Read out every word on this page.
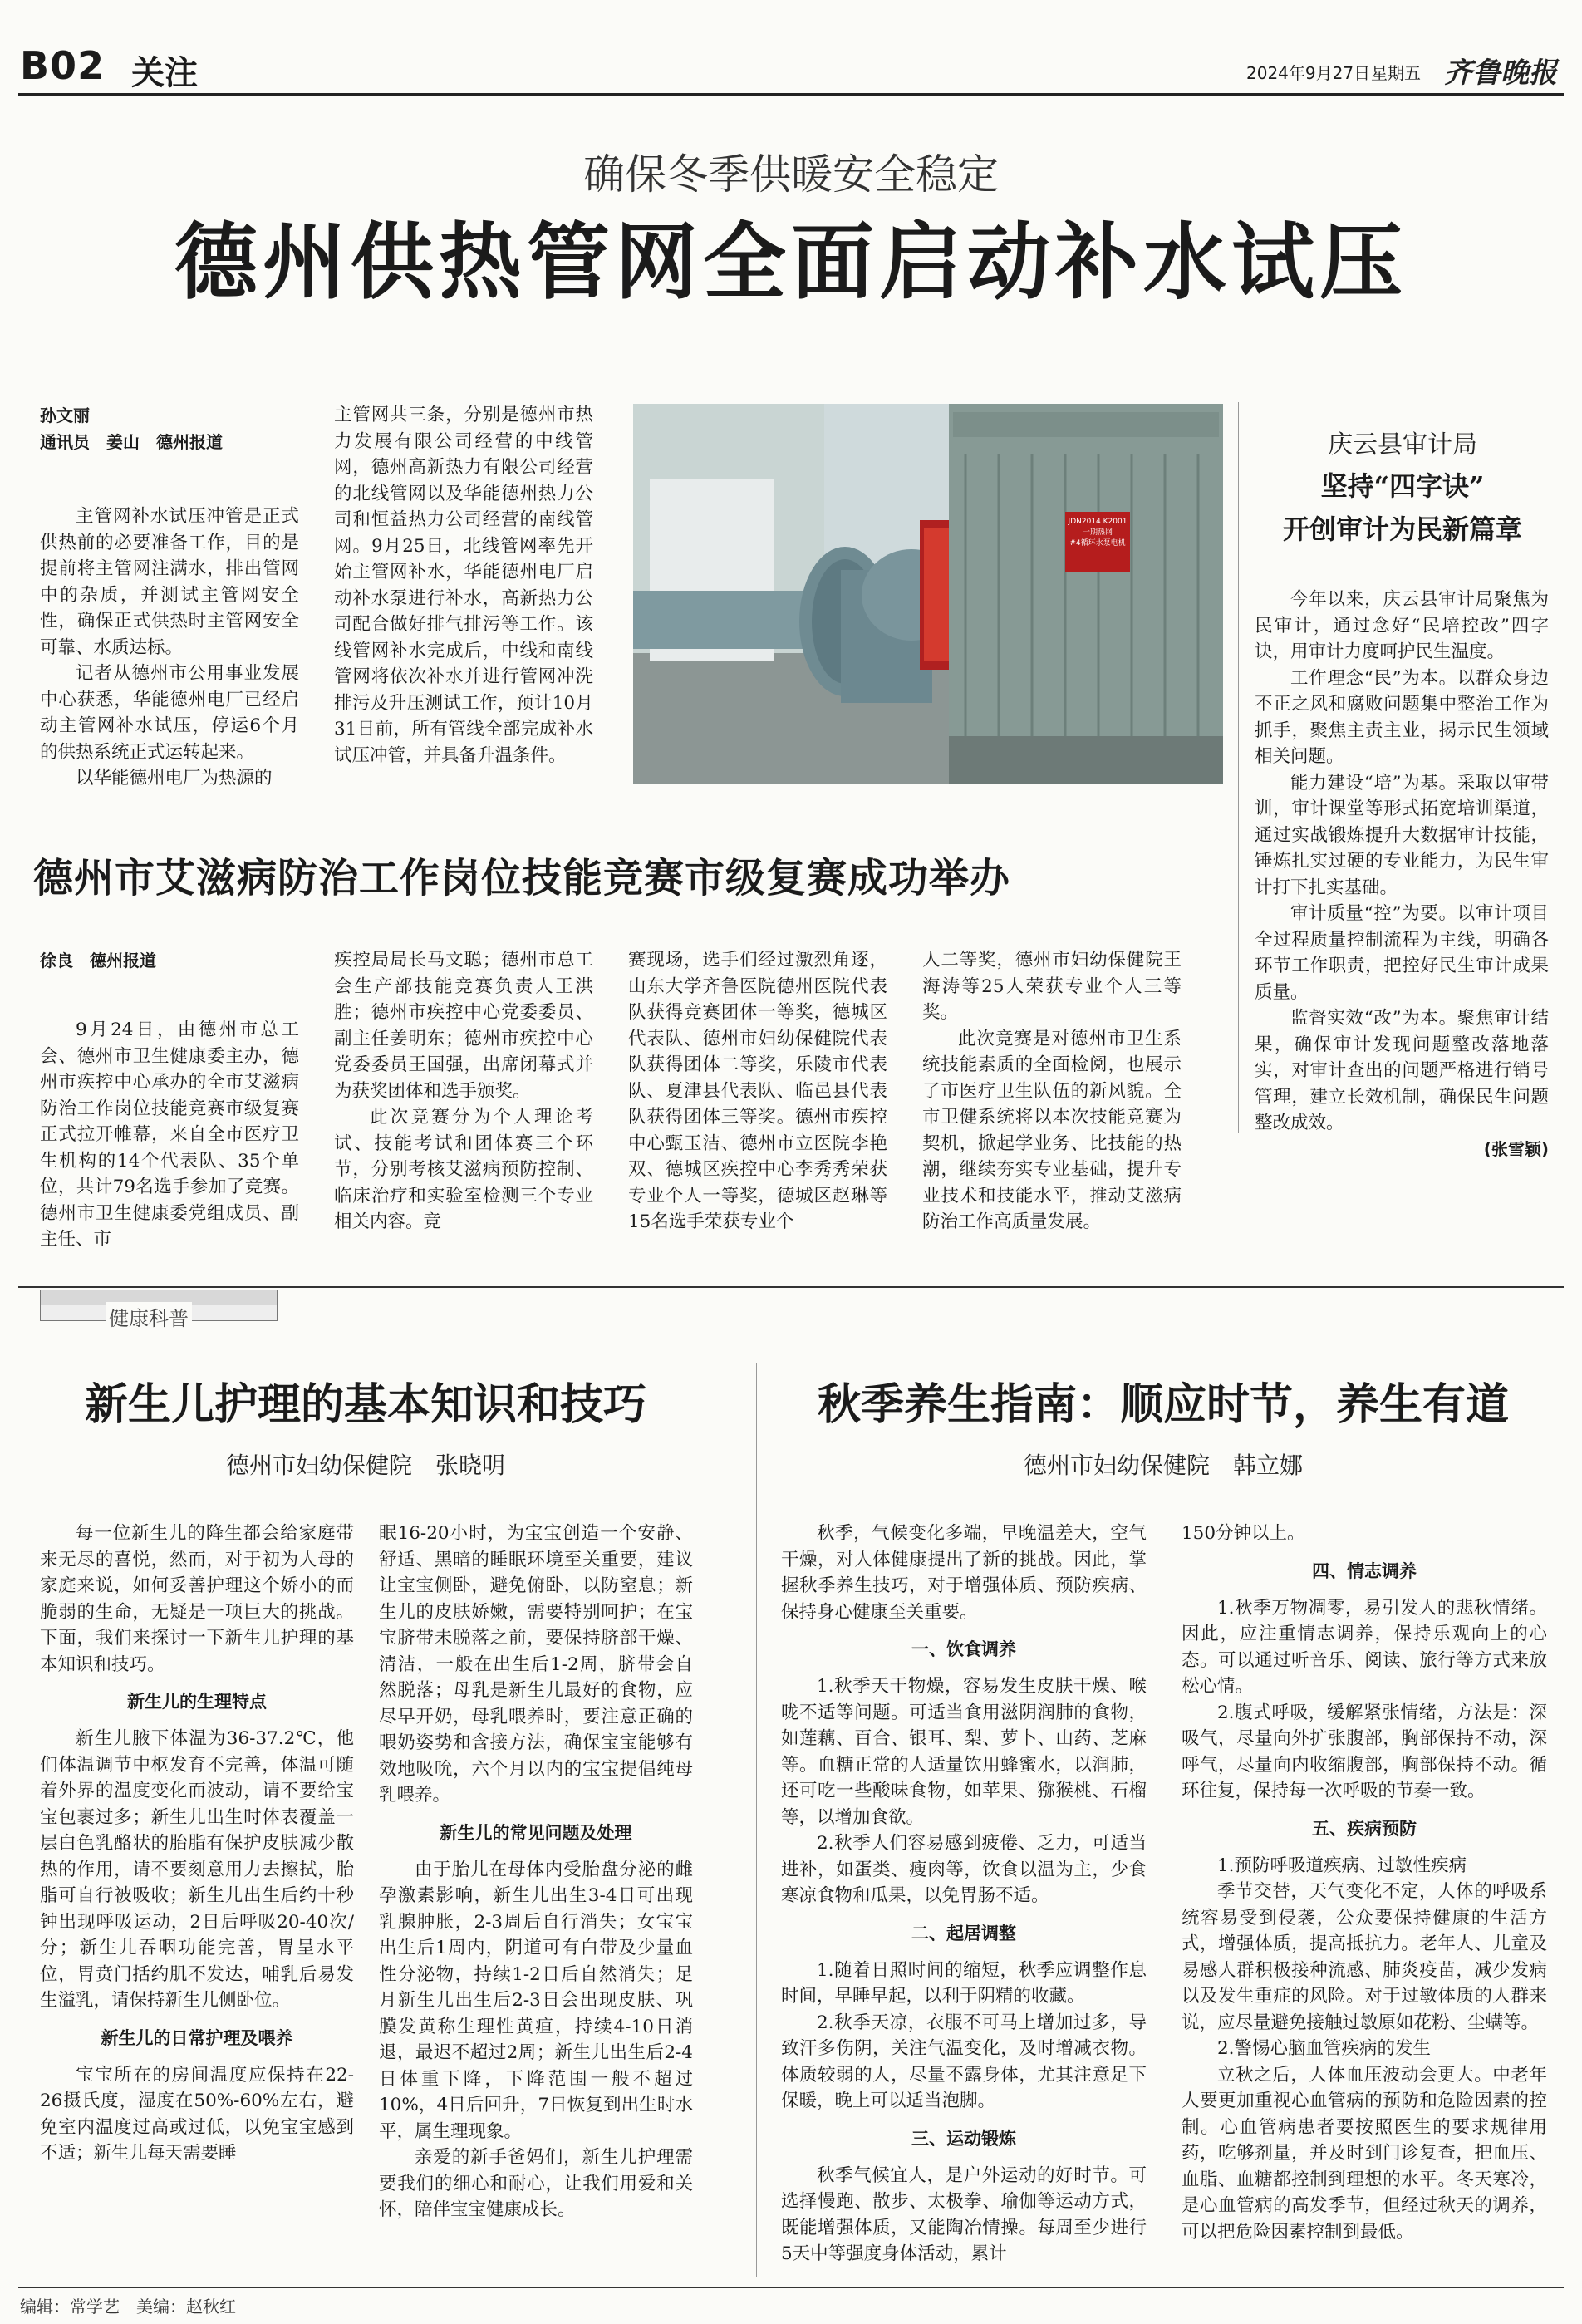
B02 关注	2024年9月27日 星期五 齐鲁晚报
确保冬季供暖安全稳定
德州供热管网全面启动补水试压
孙文丽
通讯员　姜山　德州报道

主管网补水试压冲管是正式供热前的必要准备工作，目的是提前将主管网注满水，排出管网中的杂质，并测试主管网安全性，确保正式供热时主管网安全可靠、水质达标。

记者从德州市公用事业发展中心获悉，华能德州电厂已经启动主管网补水试压，停运6个月的供热系统正式运转起来。

以华能德州电厂为热源的

主管网共三条，分别是德州市热力发展有限公司经营的中线管网，德州高新热力有限公司经营的北线管网以及华能德州热力公司和恒益热力公司经营的南线管网。9月25日，北线管网率先开始主管网补水，华能德州电厂启动补水泵进行补水，高新热力公司配合做好排气排污等工作。该线管网补水完成后，中线和南线管网将依次补水并进行管网冲洗排污及升压测试工作，预计10月31日前，所有管线全部完成补水试压冲管，并具备升温条件。

JDN2014 K2001
一期热网
#4循环水泵电机
庆云县审计局
坚持“四字诀”
开创审计为民新篇章

今年以来，庆云县审计局聚焦为民审计，通过念好“民培控改”四字诀，用审计力度呵护民生温度。

工作理念“民”为本。以群众身边不正之风和腐败问题集中整治工作为抓手，聚焦主责主业，揭示民生领域相关问题。

能力建设“培”为基。采取以审带训，审计课堂等形式拓宽培训渠道，通过实战锻炼提升大数据审计技能，锤炼扎实过硬的专业能力，为民生审计打下扎实基础。

审计质量“控”为要。以审计项目全过程质量控制流程为主线，明确各环节工作职责，把控好民生审计成果质量。

监督实效“改”为本。聚焦审计结果，确保审计发现问题整改落地落实，对审计查出的问题严格进行销号管理，建立长效机制，确保民生问题整改成效。

(张雪颖)
德州市艾滋病防治工作岗位技能竞赛市级复赛成功举办
徐良　德州报道

9月24日，由德州市总工会、德州市卫生健康委主办，德州市疾控中心承办的全市艾滋病防治工作岗位技能竞赛市级复赛正式拉开帷幕，来自全市医疗卫生机构的14个代表队、35个单位，共计79名选手参加了竞赛。德州市卫生健康委党组成员、副主任、市

疾控局局长马文聪；德州市总工会生产部技能竞赛负责人王洪胜；德州市疾控中心党委委员、副主任姜明东；德州市疾控中心党委委员王国强，出席闭幕式并为获奖团体和选手颁奖。

此次竞赛分为个人理论考试、技能考试和团体赛三个环节，分别考核艾滋病预防控制、临床治疗和实验室检测三个专业相关内容。竞

赛现场，选手们经过激烈角逐，山东大学齐鲁医院德州医院代表队获得竞赛团体一等奖，德城区代表队、德州市妇幼保健院代表队获得团体二等奖，乐陵市代表队、夏津县代表队、临邑县代表队获得团体三等奖。德州市疾控中心甄玉洁、德州市立医院李艳双、德城区疾控中心李秀秀荣获专业个人一等奖，德城区赵琳等15名选手荣获专业个

人二等奖，德州市妇幼保健院王海涛等25人荣获专业个人三等奖。

此次竞赛是对德州市卫生系统技能素质的全面检阅，也展示了市医疗卫生队伍的新风貌。全市卫健系统将以本次技能竞赛为契机，掀起学业务、比技能的热潮，继续夯实专业基础，提升专业技术和技能水平，推动艾滋病防治工作高质量发展。

健康科普
新生儿护理的基本知识和技巧
德州市妇幼保健院　张晓明

每一位新生儿的降生都会给家庭带来无尽的喜悦，然而，对于初为人母的家庭来说，如何妥善护理这个娇小的而脆弱的生命，无疑是一项巨大的挑战。下面，我们来探讨一下新生儿护理的基本知识和技巧。

新生儿的生理特点

新生儿腋下体温为36-37.2℃，他们体温调节中枢发育不完善，体温可随着外界的温度变化而波动，请不要给宝宝包裹过多；新生儿出生时体表覆盖一层白色乳酪状的胎脂有保护皮肤减少散热的作用，请不要刻意用力去擦拭，胎脂可自行被吸收；新生儿出生后约十秒钟出现呼吸运动，2日后呼吸20-40次/分；新生儿吞咽功能完善，胃呈水平位，胃贲门括约肌不发达，哺乳后易发生溢乳，请保持新生儿侧卧位。

新生儿的日常护理及喂养

宝宝所在的房间温度应保持在22-26摄氏度，湿度在50%-60%左右，避免室内温度过高或过低，以免宝宝感到不适；新生儿每天需要睡

眠16-20小时，为宝宝创造一个安静、舒适、黑暗的睡眠环境至关重要，建议让宝宝侧卧，避免俯卧，以防窒息；新生儿的皮肤娇嫩，需要特别呵护；在宝宝脐带未脱落之前，要保持脐部干燥、清洁，一般在出生后1-2周，脐带会自然脱落；母乳是新生儿最好的食物，应尽早开奶，母乳喂养时，要注意正确的喂奶姿势和含接方法，确保宝宝能够有效地吸吮，六个月以内的宝宝提倡纯母乳喂养。

新生儿的常见问题及处理

由于胎儿在母体内受胎盘分泌的雌孕激素影响，新生儿出生3-4日可出现乳腺肿胀，2-3周后自行消失；女宝宝出生后1周内，阴道可有白带及少量血性分泌物，持续1-2日后自然消失；足月新生儿出生后2-3日会出现皮肤、巩膜发黄称生理性黄疸，持续4-10日消退，最迟不超过2周；新生儿出生后2-4日体重下降，下降范围一般不超过10%，4日后回升，7日恢复到出生时水平，属生理现象。

亲爱的新手爸妈们，新生儿护理需要我们的细心和耐心，让我们用爱和关怀，陪伴宝宝健康成长。

秋季养生指南：顺应时节，养生有道
德州市妇幼保健院　韩立娜

秋季，气候变化多端，早晚温差大，空气干燥，对人体健康提出了新的挑战。因此，掌握秋季养生技巧，对于增强体质、预防疾病、保持身心健康至关重要。

一、饮食调养

1.秋季天干物燥，容易发生皮肤干燥、喉咙不适等问题。可适当食用滋阴润肺的食物，如莲藕、百合、银耳、梨、萝卜、山药、芝麻等。血糖正常的人适量饮用蜂蜜水，以润肺，还可吃一些酸味食物，如苹果、猕猴桃、石榴等，以增加食欲。

2.秋季人们容易感到疲倦、乏力，可适当进补，如蛋类、瘦肉等，饮食以温为主，少食寒凉食物和瓜果，以免胃肠不适。

二、起居调整

1.随着日照时间的缩短，秋季应调整作息时间，早睡早起，以利于阴精的收藏。

2.秋季天凉，衣服不可马上增加过多，导致汗多伤阴，关注气温变化，及时增减衣物。体质较弱的人，尽量不露身体，尤其注意足下保暖，晚上可以适当泡脚。

三、运动锻炼

秋季气候宜人，是户外运动的好时节。可选择慢跑、散步、太极拳、瑜伽等运动方式，既能增强体质，又能陶冶情操。每周至少进行5天中等强度身体活动，累计

150分钟以上。

四、情志调养

1.秋季万物凋零，易引发人的悲秋情绪。因此，应注重情志调养，保持乐观向上的心态。可以通过听音乐、阅读、旅行等方式来放松心情。

2.腹式呼吸，缓解紧张情绪，方法是：深吸气，尽量向外扩张腹部，胸部保持不动，深呼气，尽量向内收缩腹部，胸部保持不动。循环往复，保持每一次呼吸的节奏一致。

五、疾病预防

1.预防呼吸道疾病、过敏性疾病

季节交替，天气变化不定，人体的呼吸系统容易受到侵袭，公众要保持健康的生活方式，增强体质，提高抵抗力。老年人、儿童及易感人群积极接种流感、肺炎疫苗，减少发病以及发生重症的风险。对于过敏体质的人群来说，应尽量避免接触过敏原如花粉、尘螨等。

2.警惕心脑血管疾病的发生

立秋之后，人体血压波动会更大。中老年人要更加重视心血管病的预防和危险因素的控制。心血管病患者要按照医生的要求规律用药，吃够剂量，并及时到门诊复查，把血压、血脂、血糖都控制到理想的水平。冬天寒冷，是心血管病的高发季节，但经过秋天的调养，可以把危险因素控制到最低。

编辑：常学艺　美编：赵秋红
